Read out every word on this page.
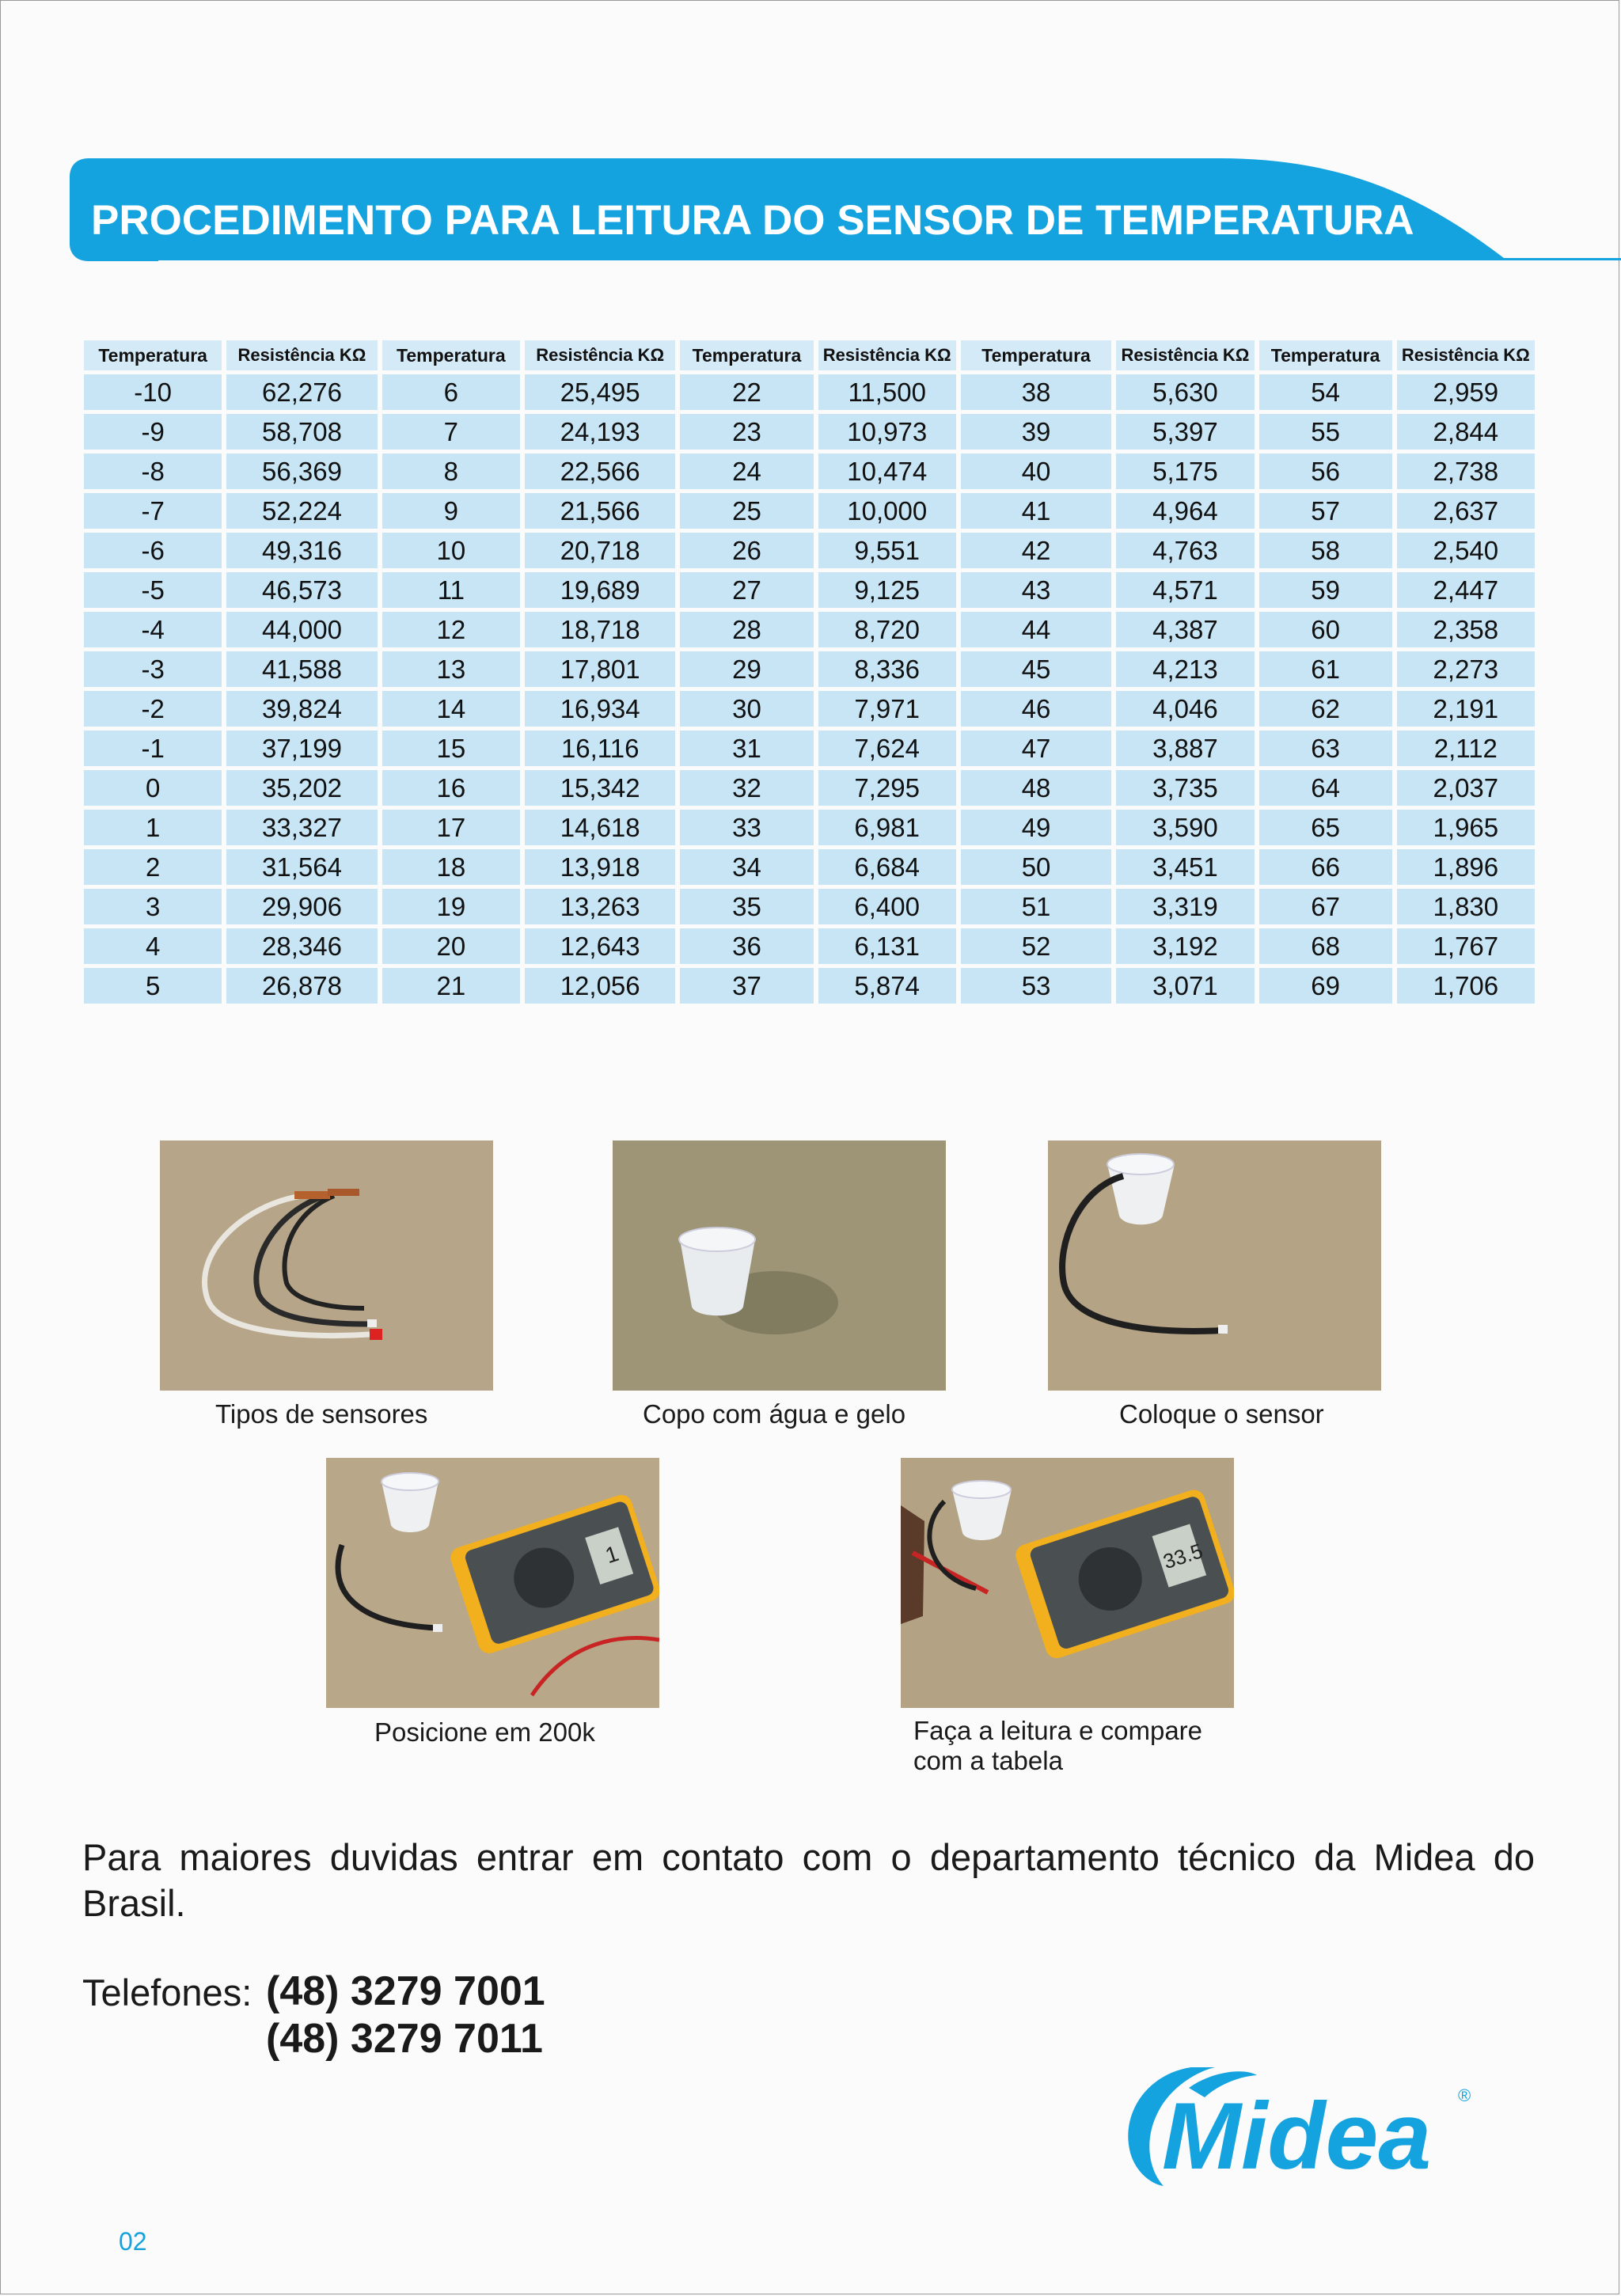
PROCEDIMENTO PARA LEITURA DO SENSOR DE TEMPERATURA
Temperatura	Resistência KΩ	Temperatura	Resistência KΩ	Temperatura	Resistência KΩ	Temperatura	Resistência KΩ	Temperatura	Resistência KΩ
-10	62,276	6	25,495	22	11,500	38	5,630	54	2,959
-9	58,708	7	24,193	23	10,973	39	5,397	55	2,844
-8	56,369	8	22,566	24	10,474	40	5,175	56	2,738
-7	52,224	9	21,566	25	10,000	41	4,964	57	2,637
-6	49,316	10	20,718	26	9,551	42	4,763	58	2,540
-5	46,573	11	19,689	27	9,125	43	4,571	59	2,447
-4	44,000	12	18,718	28	8,720	44	4,387	60	2,358
-3	41,588	13	17,801	29	8,336	45	4,213	61	2,273
-2	39,824	14	16,934	30	7,971	46	4,046	62	2,191
-1	37,199	15	16,116	31	7,624	47	3,887	63	2,112
0	35,202	16	15,342	32	7,295	48	3,735	64	2,037
1	33,327	17	14,618	33	6,981	49	3,590	65	1,965
2	31,564	18	13,918	34	6,684	50	3,451	66	1,896
3	29,906	19	13,263	35	6,400	51	3,319	67	1,830
4	28,346	20	12,643	36	6,131	52	3,192	68	1,767
5	26,878	21	12,056	37	5,874	53	3,071	69	1,706
Tipos de sensores	Copo com água e gelo	Coloque o sensor
1
Posicione em 200k
33.5
Faça a leitura e compare com a tabela
Para maiores duvidas entrar em contato com o departamento técnico da Midea do Brasil.
Telefones: (48) 3279 7001
(48) 3279 7011
Midea ®
02
